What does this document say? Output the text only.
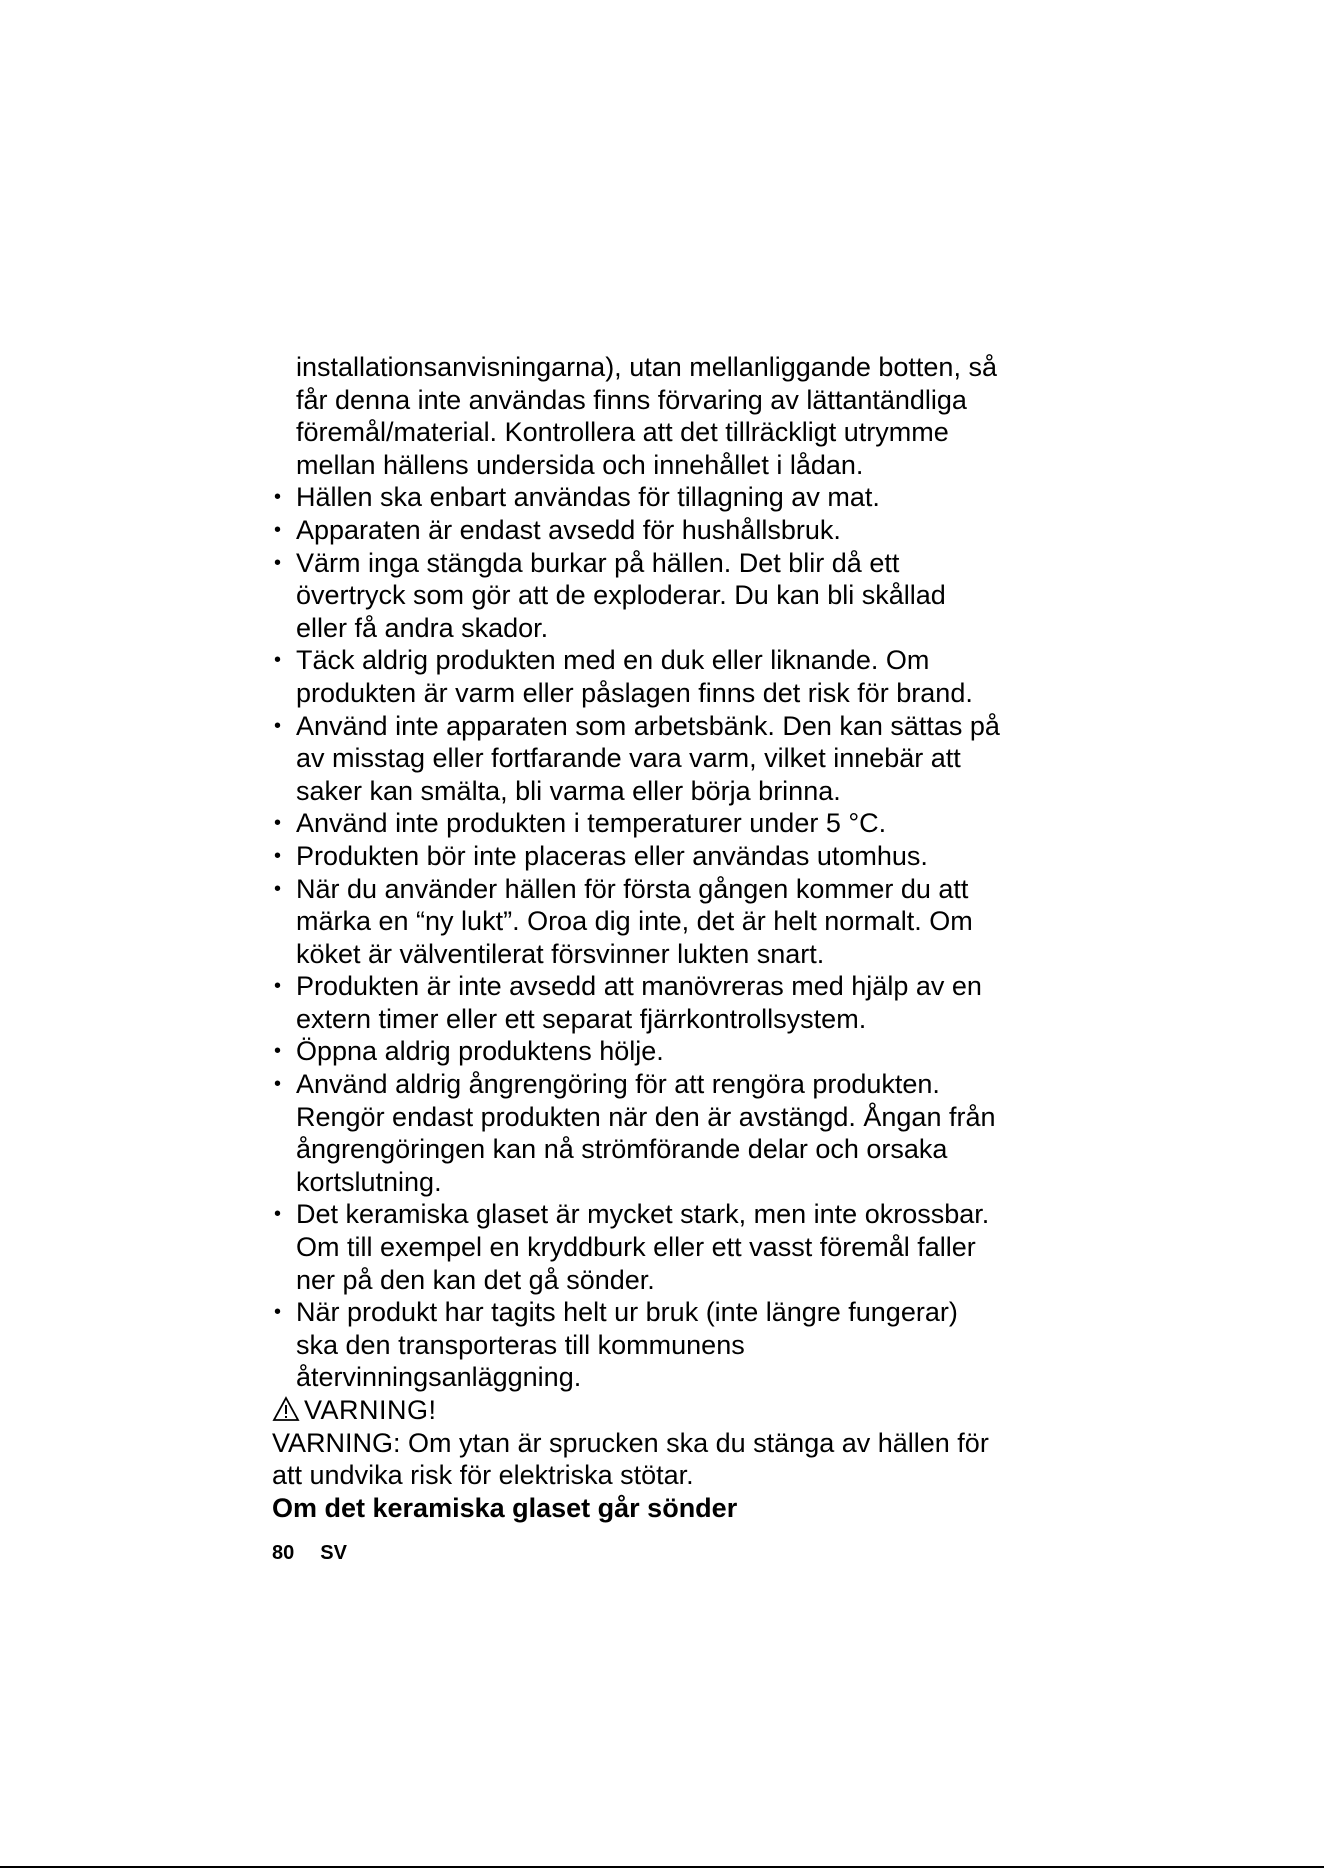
installationsanvisningarna), utan mellanliggande botten, så
får denna inte användas finns förvaring av lättantändliga
föremål/material. Kontrollera att det tillräckligt utrymme
mellan hällens undersida och innehållet i lådan.
• Hällen ska enbart användas för tillagning av mat.
• Apparaten är endast avsedd för hushållsbruk.
• Värm inga stängda burkar på hällen. Det blir då ett
övertryck som gör att de exploderar. Du kan bli skållad
eller få andra skador.
• Täck aldrig produkten med en duk eller liknande. Om
produkten är varm eller påslagen finns det risk för brand.
• Använd inte apparaten som arbetsbänk. Den kan sättas på
av misstag eller fortfarande vara varm, vilket innebär att
saker kan smälta, bli varma eller börja brinna.
• Använd inte produkten i temperaturer under 5 °C.
• Produkten bör inte placeras eller användas utomhus.
• När du använder hällen för första gången kommer du att
märka en “ny lukt”. Oroa dig inte, det är helt normalt. Om
köket är välventilerat försvinner lukten snart.
• Produkten är inte avsedd att manövreras med hjälp av en
extern timer eller ett separat fjärrkontrollsystem.
• Öppna aldrig produktens hölje.
• Använd aldrig ångrengöring för att rengöra produkten.
Rengör endast produkten när den är avstängd. Ångan från
ångrengöringen kan nå strömförande delar och orsaka
kortslutning.
• Det keramiska glaset är mycket stark, men inte okrossbar.
Om till exempel en kryddburk eller ett vasst föremål faller
ner på den kan det gå sönder.
• När produkt har tagits helt ur bruk (inte längre fungerar)
ska den transporteras till kommunens
återvinningsanläggning.
VARNING!
VARNING: Om ytan är sprucken ska du stänga av hällen för
att undvika risk för elektriska stötar.
Om det keramiska glaset går sönder
80 SV
